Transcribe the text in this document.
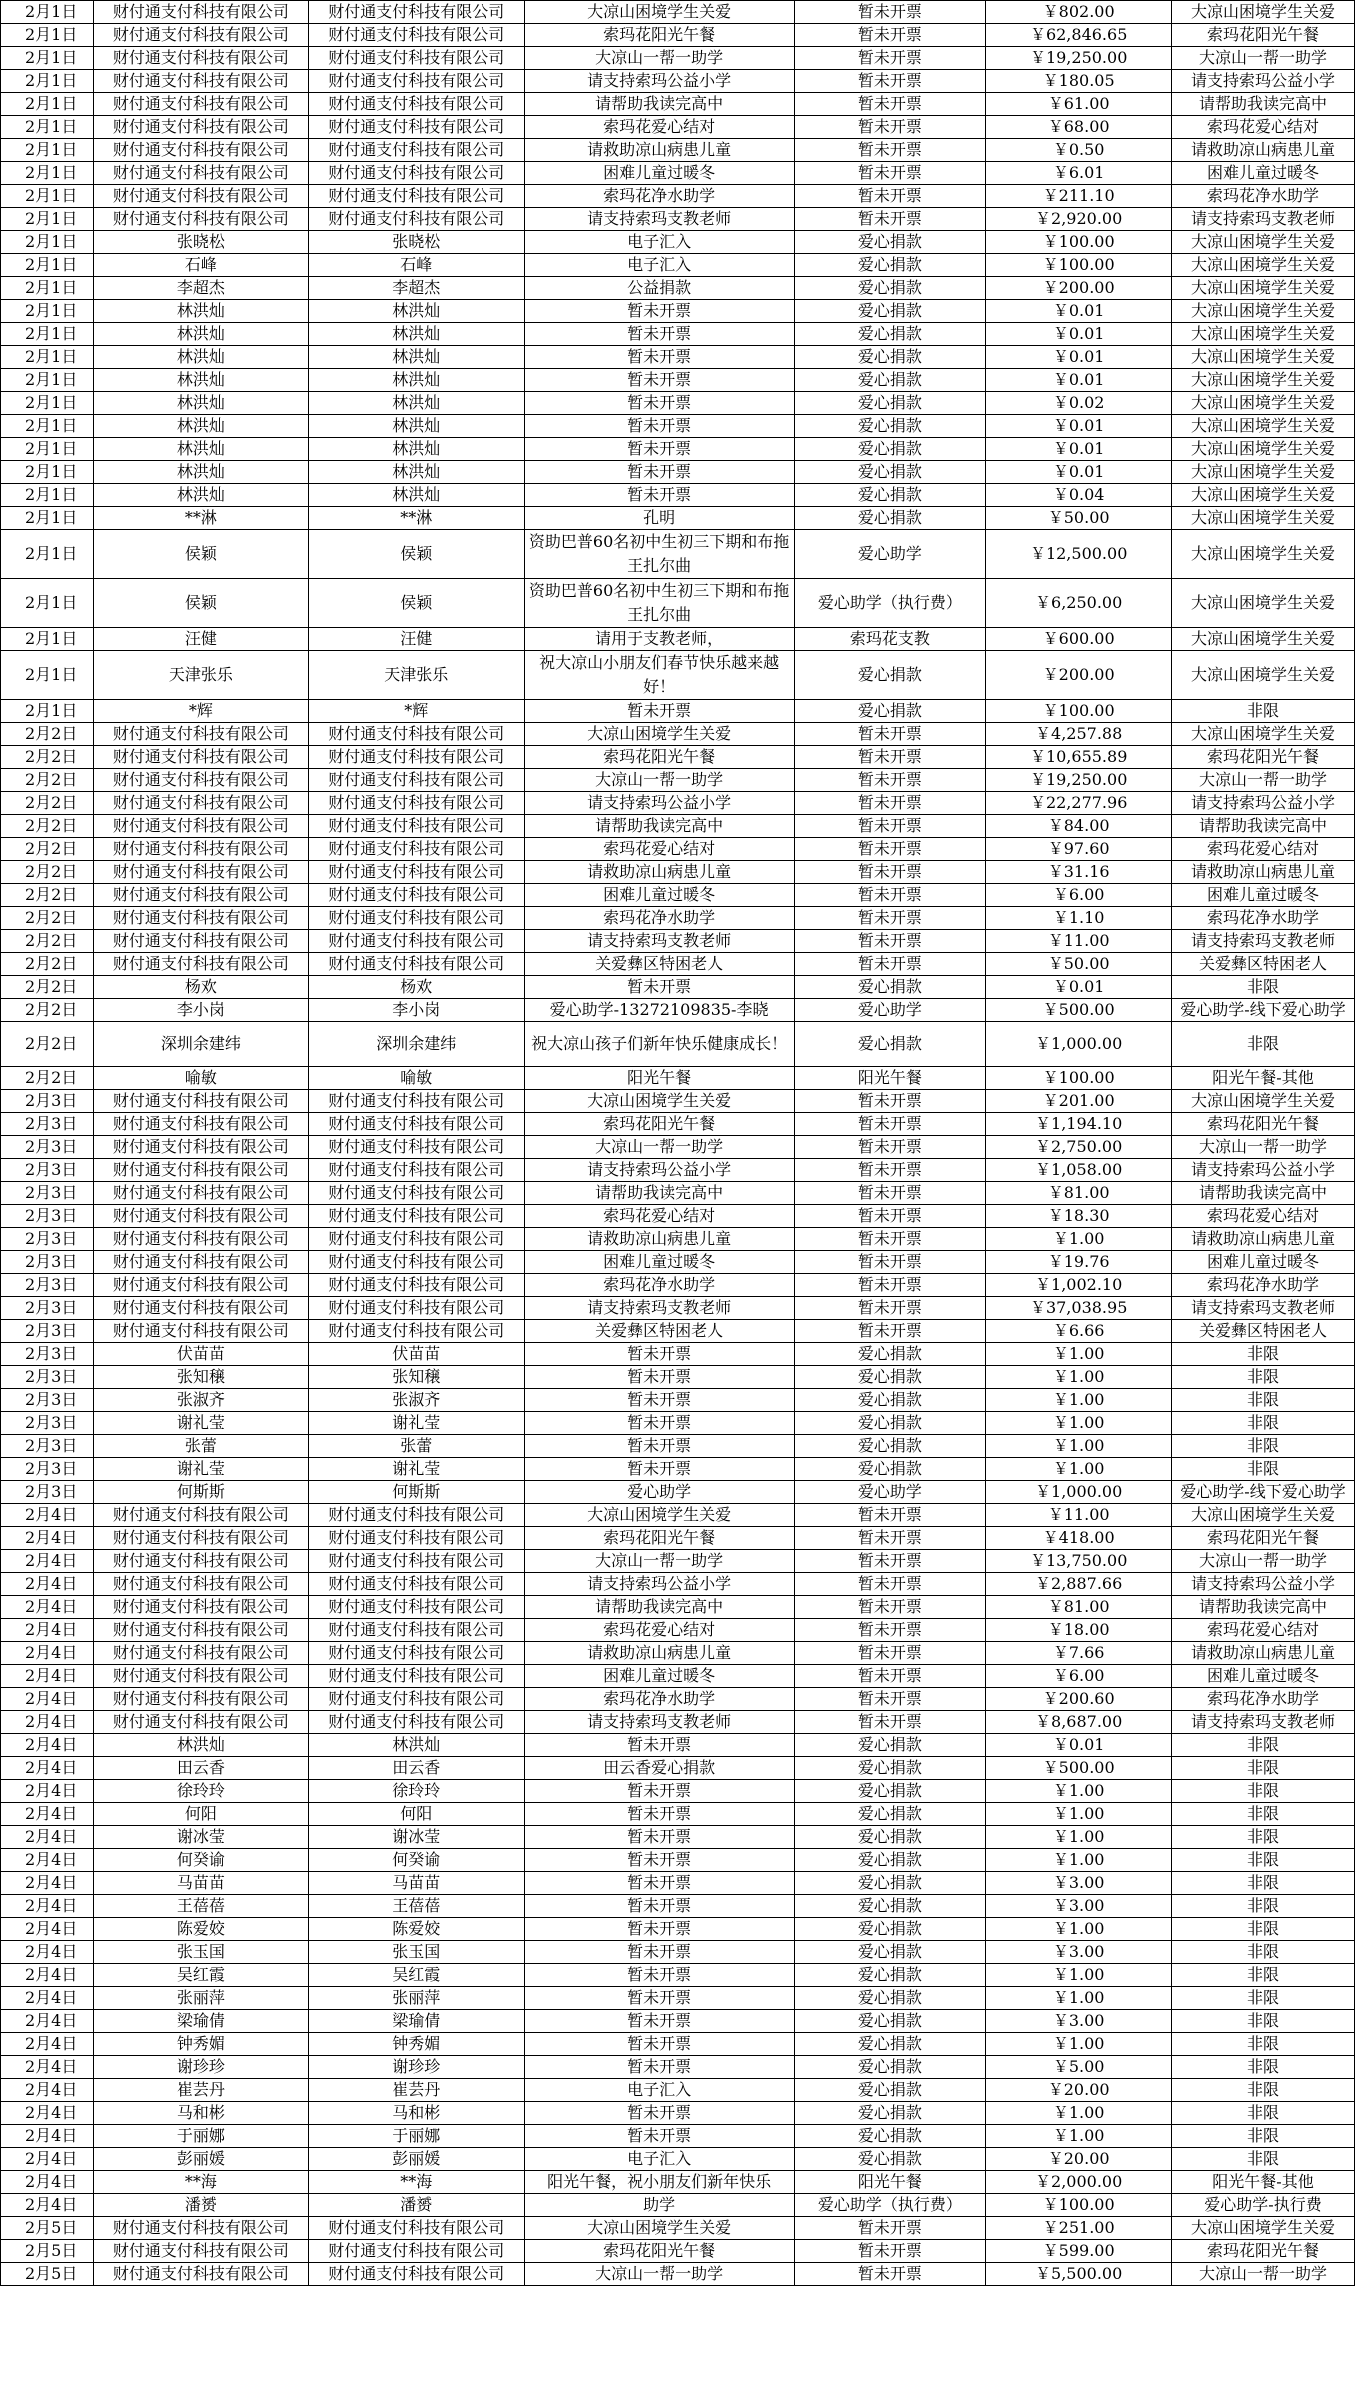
2月1日	财付通支付科技有限公司	财付通支付科技有限公司	大凉山困境学生关爱	暂未开票	￥802.00	大凉山困境学生关爱
2月1日	财付通支付科技有限公司	财付通支付科技有限公司	索玛花阳光午餐	暂未开票	￥62,846.65	索玛花阳光午餐
2月1日	财付通支付科技有限公司	财付通支付科技有限公司	大凉山一帮一助学	暂未开票	￥19,250.00	大凉山一帮一助学
2月1日	财付通支付科技有限公司	财付通支付科技有限公司	请支持索玛公益小学	暂未开票	￥180.05	请支持索玛公益小学
2月1日	财付通支付科技有限公司	财付通支付科技有限公司	请帮助我读完高中	暂未开票	￥61.00	请帮助我读完高中
2月1日	财付通支付科技有限公司	财付通支付科技有限公司	索玛花爱心结对	暂未开票	￥68.00	索玛花爱心结对
2月1日	财付通支付科技有限公司	财付通支付科技有限公司	请救助凉山病患儿童	暂未开票	￥0.50	请救助凉山病患儿童
2月1日	财付通支付科技有限公司	财付通支付科技有限公司	困难儿童过暖冬	暂未开票	￥6.01	困难儿童过暖冬
2月1日	财付通支付科技有限公司	财付通支付科技有限公司	索玛花净水助学	暂未开票	￥211.10	索玛花净水助学
2月1日	财付通支付科技有限公司	财付通支付科技有限公司	请支持索玛支教老师	暂未开票	￥2,920.00	请支持索玛支教老师
2月1日	张晓松	张晓松	电子汇入	爱心捐款	￥100.00	大凉山困境学生关爱
2月1日	石峰	石峰	电子汇入	爱心捐款	￥100.00	大凉山困境学生关爱
2月1日	李超杰	李超杰	公益捐款	爱心捐款	￥200.00	大凉山困境学生关爱
2月1日	林洪灿	林洪灿	暂未开票	爱心捐款	￥0.01	大凉山困境学生关爱
2月1日	林洪灿	林洪灿	暂未开票	爱心捐款	￥0.01	大凉山困境学生关爱
2月1日	林洪灿	林洪灿	暂未开票	爱心捐款	￥0.01	大凉山困境学生关爱
2月1日	林洪灿	林洪灿	暂未开票	爱心捐款	￥0.01	大凉山困境学生关爱
2月1日	林洪灿	林洪灿	暂未开票	爱心捐款	￥0.02	大凉山困境学生关爱
2月1日	林洪灿	林洪灿	暂未开票	爱心捐款	￥0.01	大凉山困境学生关爱
2月1日	林洪灿	林洪灿	暂未开票	爱心捐款	￥0.01	大凉山困境学生关爱
2月1日	林洪灿	林洪灿	暂未开票	爱心捐款	￥0.01	大凉山困境学生关爱
2月1日	林洪灿	林洪灿	暂未开票	爱心捐款	￥0.04	大凉山困境学生关爱
2月1日	**淋	**淋	孔明	爱心捐款	￥50.00	大凉山困境学生关爱
2月1日	侯颖	侯颖	资助巴普60名初中生初三下期和布拖王扎尔曲	爱心助学	￥12,500.00	大凉山困境学生关爱
2月1日	侯颖	侯颖	资助巴普60名初中生初三下期和布拖王扎尔曲	爱心助学（执行费）	￥6,250.00	大凉山困境学生关爱
2月1日	汪健	汪健	请用于支教老师，	索玛花支教	￥600.00	大凉山困境学生关爱
2月1日	天津张乐	天津张乐	祝大凉山小朋友们春节快乐越来越好！	爱心捐款	￥200.00	大凉山困境学生关爱
2月1日	*辉	*辉	暂未开票	爱心捐款	￥100.00	非限
2月2日	财付通支付科技有限公司	财付通支付科技有限公司	大凉山困境学生关爱	暂未开票	￥4,257.88	大凉山困境学生关爱
2月2日	财付通支付科技有限公司	财付通支付科技有限公司	索玛花阳光午餐	暂未开票	￥10,655.89	索玛花阳光午餐
2月2日	财付通支付科技有限公司	财付通支付科技有限公司	大凉山一帮一助学	暂未开票	￥19,250.00	大凉山一帮一助学
2月2日	财付通支付科技有限公司	财付通支付科技有限公司	请支持索玛公益小学	暂未开票	￥22,277.96	请支持索玛公益小学
2月2日	财付通支付科技有限公司	财付通支付科技有限公司	请帮助我读完高中	暂未开票	￥84.00	请帮助我读完高中
2月2日	财付通支付科技有限公司	财付通支付科技有限公司	索玛花爱心结对	暂未开票	￥97.60	索玛花爱心结对
2月2日	财付通支付科技有限公司	财付通支付科技有限公司	请救助凉山病患儿童	暂未开票	￥31.16	请救助凉山病患儿童
2月2日	财付通支付科技有限公司	财付通支付科技有限公司	困难儿童过暖冬	暂未开票	￥6.00	困难儿童过暖冬
2月2日	财付通支付科技有限公司	财付通支付科技有限公司	索玛花净水助学	暂未开票	￥1.10	索玛花净水助学
2月2日	财付通支付科技有限公司	财付通支付科技有限公司	请支持索玛支教老师	暂未开票	￥11.00	请支持索玛支教老师
2月2日	财付通支付科技有限公司	财付通支付科技有限公司	关爱彝区特困老人	暂未开票	￥50.00	关爱彝区特困老人
2月2日	杨欢	杨欢	暂未开票	爱心捐款	￥0.01	非限
2月2日	李小岗	李小岗	爱心助学-13272109835-李晓	爱心助学	￥500.00	爱心助学-线下爱心助学
2月2日	深圳余建纬	深圳余建纬	祝大凉山孩子们新年快乐健康成长！	爱心捐款	￥1,000.00	非限
2月2日	喻敏	喻敏	阳光午餐	阳光午餐	￥100.00	阳光午餐-其他
2月3日	财付通支付科技有限公司	财付通支付科技有限公司	大凉山困境学生关爱	暂未开票	￥201.00	大凉山困境学生关爱
2月3日	财付通支付科技有限公司	财付通支付科技有限公司	索玛花阳光午餐	暂未开票	￥1,194.10	索玛花阳光午餐
2月3日	财付通支付科技有限公司	财付通支付科技有限公司	大凉山一帮一助学	暂未开票	￥2,750.00	大凉山一帮一助学
2月3日	财付通支付科技有限公司	财付通支付科技有限公司	请支持索玛公益小学	暂未开票	￥1,058.00	请支持索玛公益小学
2月3日	财付通支付科技有限公司	财付通支付科技有限公司	请帮助我读完高中	暂未开票	￥81.00	请帮助我读完高中
2月3日	财付通支付科技有限公司	财付通支付科技有限公司	索玛花爱心结对	暂未开票	￥18.30	索玛花爱心结对
2月3日	财付通支付科技有限公司	财付通支付科技有限公司	请救助凉山病患儿童	暂未开票	￥1.00	请救助凉山病患儿童
2月3日	财付通支付科技有限公司	财付通支付科技有限公司	困难儿童过暖冬	暂未开票	￥19.76	困难儿童过暖冬
2月3日	财付通支付科技有限公司	财付通支付科技有限公司	索玛花净水助学	暂未开票	￥1,002.10	索玛花净水助学
2月3日	财付通支付科技有限公司	财付通支付科技有限公司	请支持索玛支教老师	暂未开票	￥37,038.95	请支持索玛支教老师
2月3日	财付通支付科技有限公司	财付通支付科技有限公司	关爱彝区特困老人	暂未开票	￥6.66	关爱彝区特困老人
2月3日	伏苗苗	伏苗苗	暂未开票	爱心捐款	￥1.00	非限
2月3日	张知穣	张知穣	暂未开票	爱心捐款	￥1.00	非限
2月3日	张淑齐	张淑齐	暂未开票	爱心捐款	￥1.00	非限
2月3日	谢礼莹	谢礼莹	暂未开票	爱心捐款	￥1.00	非限
2月3日	张蕾	张蕾	暂未开票	爱心捐款	￥1.00	非限
2月3日	谢礼莹	谢礼莹	暂未开票	爱心捐款	￥1.00	非限
2月3日	何斯斯	何斯斯	爱心助学	爱心助学	￥1,000.00	爱心助学-线下爱心助学
2月4日	财付通支付科技有限公司	财付通支付科技有限公司	大凉山困境学生关爱	暂未开票	￥11.00	大凉山困境学生关爱
2月4日	财付通支付科技有限公司	财付通支付科技有限公司	索玛花阳光午餐	暂未开票	￥418.00	索玛花阳光午餐
2月4日	财付通支付科技有限公司	财付通支付科技有限公司	大凉山一帮一助学	暂未开票	￥13,750.00	大凉山一帮一助学
2月4日	财付通支付科技有限公司	财付通支付科技有限公司	请支持索玛公益小学	暂未开票	￥2,887.66	请支持索玛公益小学
2月4日	财付通支付科技有限公司	财付通支付科技有限公司	请帮助我读完高中	暂未开票	￥81.00	请帮助我读完高中
2月4日	财付通支付科技有限公司	财付通支付科技有限公司	索玛花爱心结对	暂未开票	￥18.00	索玛花爱心结对
2月4日	财付通支付科技有限公司	财付通支付科技有限公司	请救助凉山病患儿童	暂未开票	￥7.66	请救助凉山病患儿童
2月4日	财付通支付科技有限公司	财付通支付科技有限公司	困难儿童过暖冬	暂未开票	￥6.00	困难儿童过暖冬
2月4日	财付通支付科技有限公司	财付通支付科技有限公司	索玛花净水助学	暂未开票	￥200.60	索玛花净水助学
2月4日	财付通支付科技有限公司	财付通支付科技有限公司	请支持索玛支教老师	暂未开票	￥8,687.00	请支持索玛支教老师
2月4日	林洪灿	林洪灿	暂未开票	爱心捐款	￥0.01	非限
2月4日	田云香	田云香	田云香爱心捐款	爱心捐款	￥500.00	非限
2月4日	徐玲玲	徐玲玲	暂未开票	爱心捐款	￥1.00	非限
2月4日	何阳	何阳	暂未开票	爱心捐款	￥1.00	非限
2月4日	谢冰莹	谢冰莹	暂未开票	爱心捐款	￥1.00	非限
2月4日	何癸谕	何癸谕	暂未开票	爱心捐款	￥1.00	非限
2月4日	马苗苗	马苗苗	暂未开票	爱心捐款	￥3.00	非限
2月4日	王蓓蓓	王蓓蓓	暂未开票	爱心捐款	￥3.00	非限
2月4日	陈爱姣	陈爱姣	暂未开票	爱心捐款	￥1.00	非限
2月4日	张玉国	张玉国	暂未开票	爱心捐款	￥3.00	非限
2月4日	吴红霞	吴红霞	暂未开票	爱心捐款	￥1.00	非限
2月4日	张丽萍	张丽萍	暂未开票	爱心捐款	￥1.00	非限
2月4日	梁瑜倩	梁瑜倩	暂未开票	爱心捐款	￥3.00	非限
2月4日	钟秀媚	钟秀媚	暂未开票	爱心捐款	￥1.00	非限
2月4日	谢珍珍	谢珍珍	暂未开票	爱心捐款	￥5.00	非限
2月4日	崔芸丹	崔芸丹	电子汇入	爱心捐款	￥20.00	非限
2月4日	马和彬	马和彬	暂未开票	爱心捐款	￥1.00	非限
2月4日	于丽娜	于丽娜	暂未开票	爱心捐款	￥1.00	非限
2月4日	彭丽媛	彭丽媛	电子汇入	爱心捐款	￥20.00	非限
2月4日	**海	**海	阳光午餐，祝小朋友们新年快乐	阳光午餐	￥2,000.00	阳光午餐-其他
2月4日	潘赟	潘赟	助学	爱心助学（执行费）	￥100.00	爱心助学-执行费
2月5日	财付通支付科技有限公司	财付通支付科技有限公司	大凉山困境学生关爱	暂未开票	￥251.00	大凉山困境学生关爱
2月5日	财付通支付科技有限公司	财付通支付科技有限公司	索玛花阳光午餐	暂未开票	￥599.00	索玛花阳光午餐
2月5日	财付通支付科技有限公司	财付通支付科技有限公司	大凉山一帮一助学	暂未开票	￥5,500.00	大凉山一帮一助学
